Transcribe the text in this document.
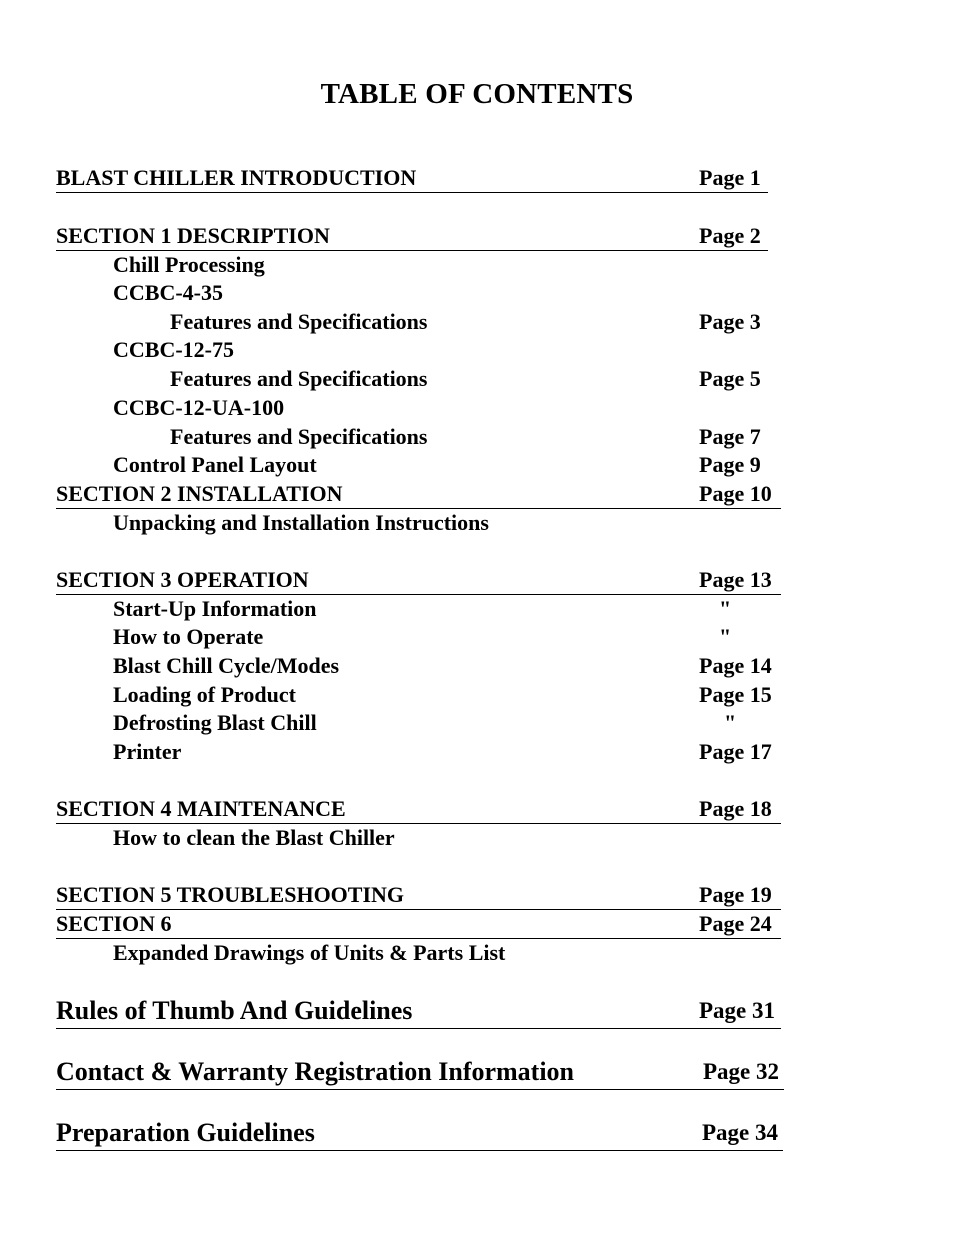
TABLE OF CONTENTS
BLAST CHILLER INTRODUCTION	Page 1
SECTION 1 DESCRIPTION	Page 2
Chill Processing
CCBC-4-35
Features and Specifications	Page 3
CCBC-12-75
Features and Specifications	Page 5
CCBC-12-UA-100
Features and Specifications	Page 7
Control Panel Layout	Page 9
SECTION 2 INSTALLATION	Page 10
Unpacking and Installation Instructions
SECTION 3 OPERATION	Page 13
Start-Up Information	"
How to Operate	"
Blast Chill Cycle/Modes	Page 14
Loading of Product	Page 15
Defrosting Blast Chill	"
Printer	Page 17
SECTION 4 MAINTENANCE	Page 18
How to clean the Blast Chiller
SECTION 5 TROUBLESHOOTING	Page 19
SECTION 6	Page 24
Expanded Drawings of Units & Parts List
Rules of Thumb And Guidelines	Page 31
Contact & Warranty Registration Information	Page 32
Preparation Guidelines	Page 34
